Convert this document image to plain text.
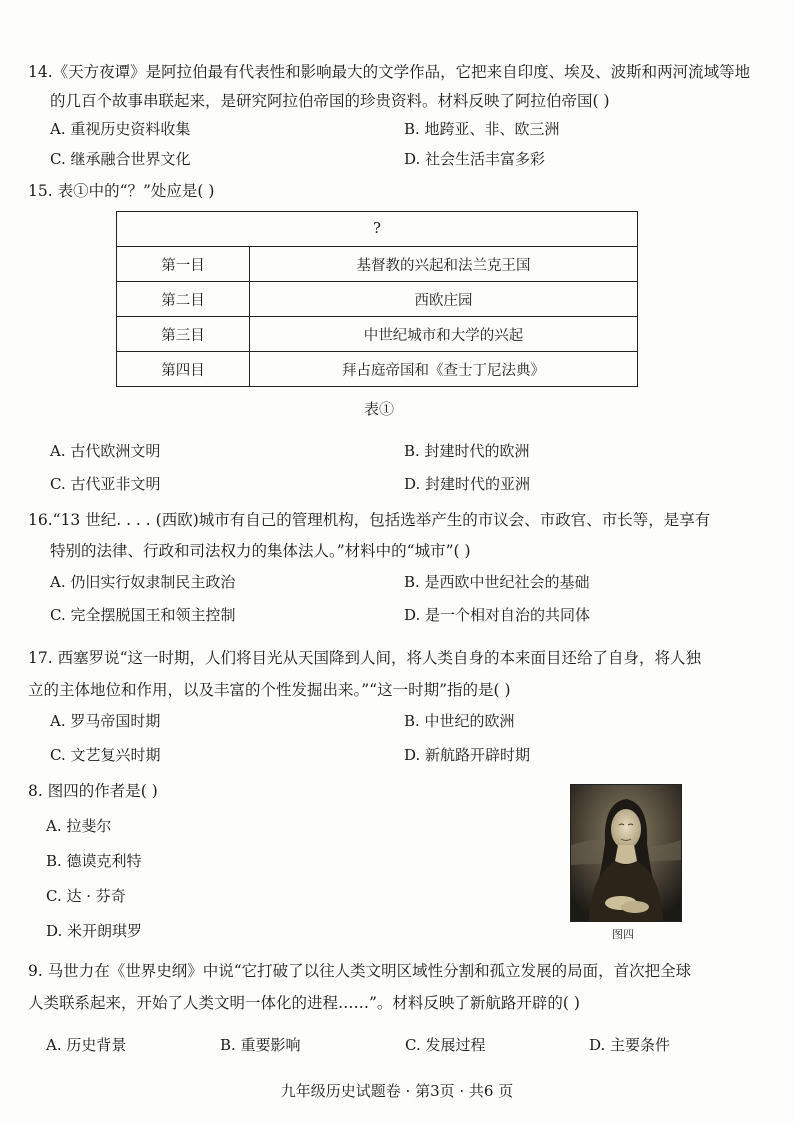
14.《天方夜谭》是阿拉伯最有代表性和影响最大的文学作品，它把来自印度、埃及、波斯和两河流域等地
的几百个故事串联起来，是研究阿拉伯帝国的珍贵资料。材料反映了阿拉伯帝国( )
A. 重视历史资料收集	B. 地跨亚、非、欧三洲
C. 继承融合世界文化	D. 社会生活丰富多彩
15. 表①中的“？”处应是( )
?	
第一目	基督教的兴起和法兰克王国
第二目	西欧庄园
第三目	中世纪城市和大学的兴起
第四目	拜占庭帝国和《查士丁尼法典》
表①
A. 古代欧洲文明	B. 封建时代的欧洲
C. 古代亚非文明	D. 封建时代的亚洲
16.“13 世纪. . . . (西欧)城市有自己的管理机构，包括选举产生的市议会、市政官、市长等，是享有
特别的法律、行政和司法权力的集体法人。”材料中的“城市”( )
A. 仍旧实行奴隶制民主政治	B. 是西欧中世纪社会的基础
C. 完全摆脱国王和领主控制	D. 是一个相对自治的共同体
17. 西塞罗说“这一时期，人们将目光从天国降到人间，将人类自身的本来面目还给了自身，将人独
立的主体地位和作用，以及丰富的个性发掘出来。”“这一时期”指的是( )
A. 罗马帝国时期	B. 中世纪的欧洲
C. 文艺复兴时期	D. 新航路开辟时期
8. 图四的作者是( )
A. 拉斐尔
B. 德谟克利特
C. 达 · 芬奇
D. 米开朗琪罗	图四
9. 马世力在《世界史纲》中说“它打破了以往人类文明区域性分割和孤立发展的局面，首次把全球
人类联系起来，开始了人类文明一体化的进程……”。材料反映了新航路开辟的( )
A. 历史背景	B. 重要影响	C. 发展过程	D. 主要条件
九年级历史试题卷 · 第3页 · 共6 页
